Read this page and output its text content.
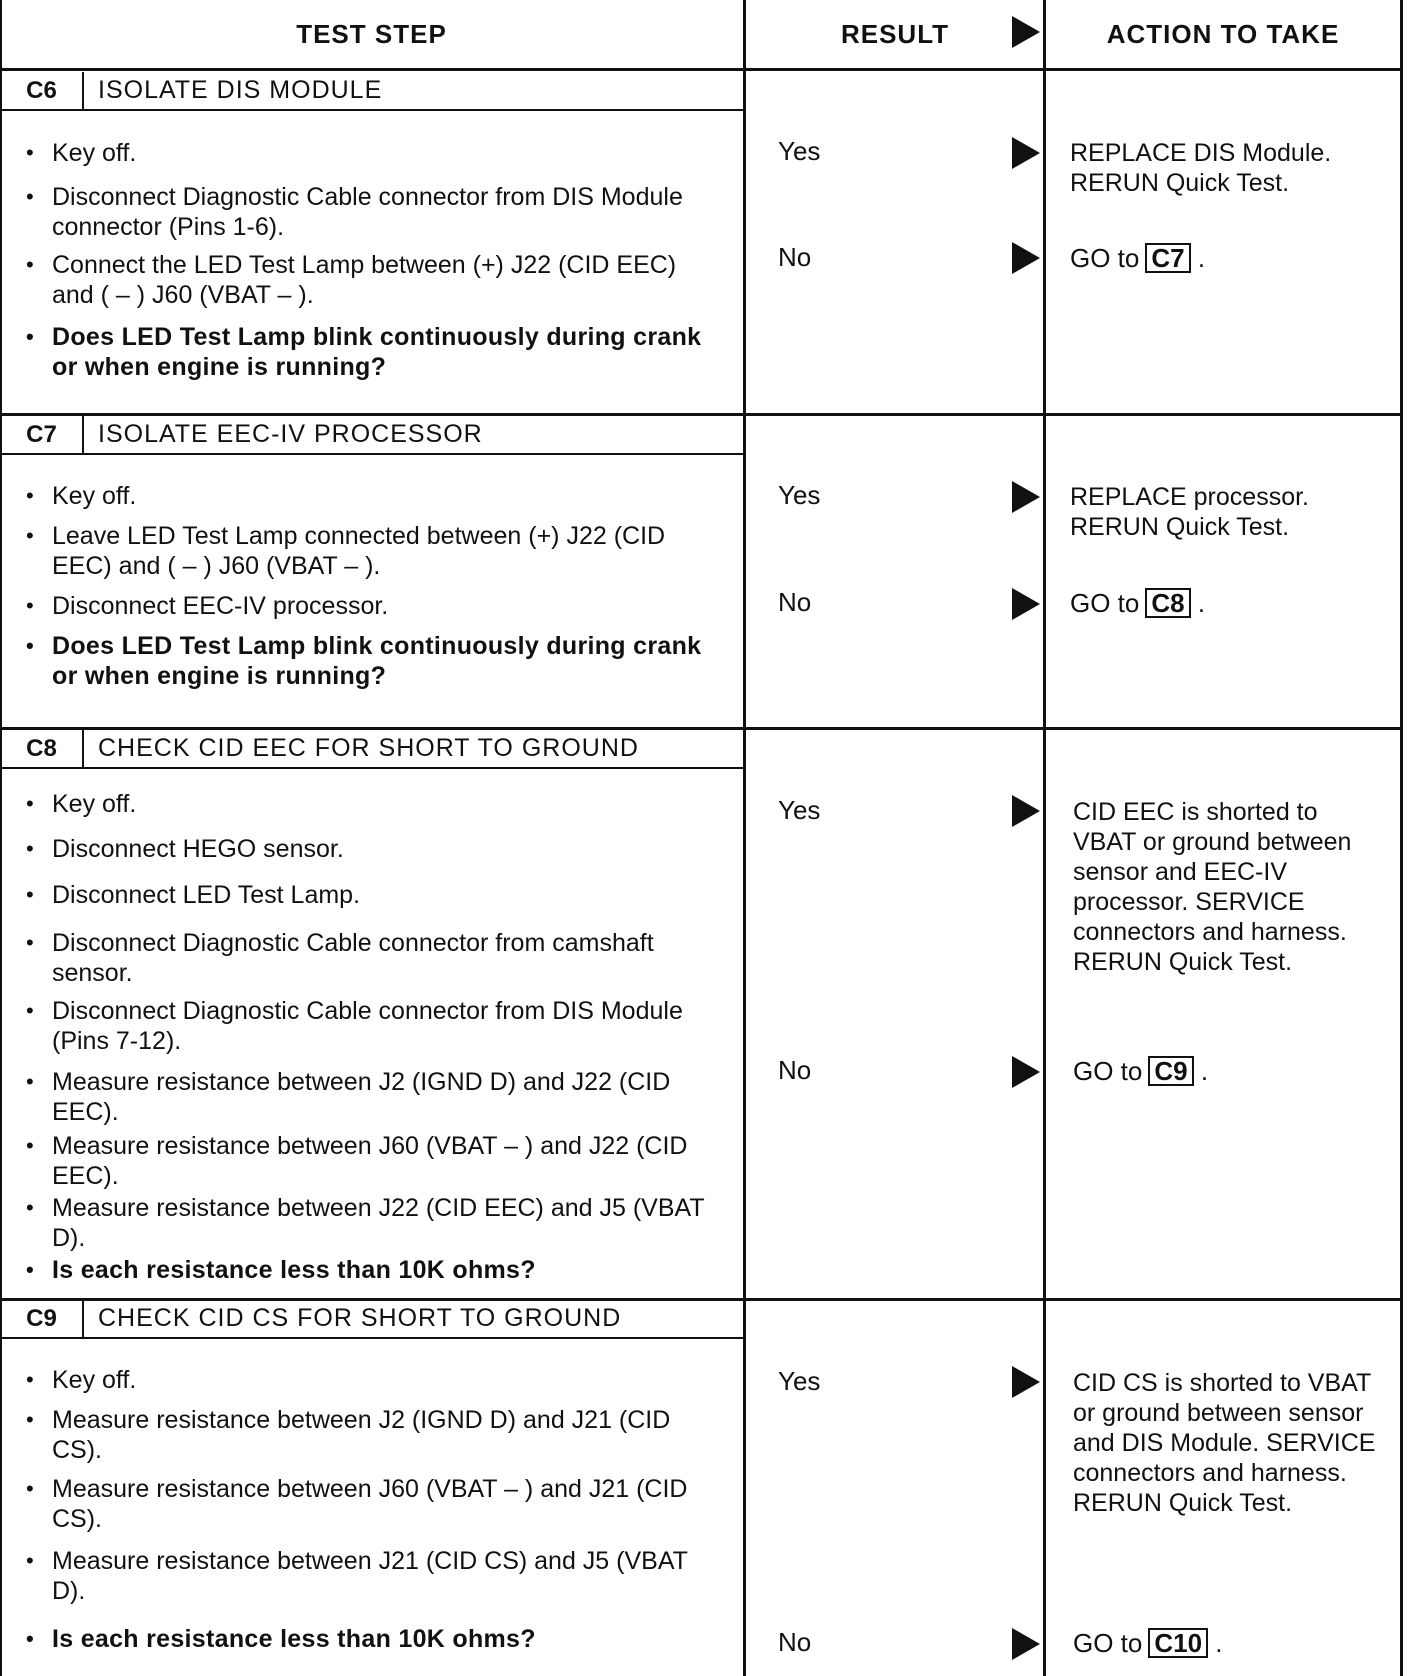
TEST STEP	RESULT	ACTION TO TAKE
C6	ISOLATE DIS MODULE
• Key off.
• Disconnect Diagnostic Cable connector from DIS Module connector (Pins 1-6).
• Connect the LED Test Lamp between (+) J22 (CID EEC) and ( – ) J60 (VBAT – ).
• Does LED Test Lamp blink continuously during crank or when engine is running?
Yes	REPLACE DIS Module. RERUN Quick Test.
No	GO to C7 .
C7	ISOLATE EEC-IV PROCESSOR
• Key off.
• Leave LED Test Lamp connected between (+) J22 (CID EEC) and ( – ) J60 (VBAT – ).
• Disconnect EEC-IV processor.
• Does LED Test Lamp blink continuously during crank or when engine is running?
Yes	REPLACE processor. RERUN Quick Test.
No	GO to C8 .
C8	CHECK CID EEC FOR SHORT TO GROUND
• Key off.
• Disconnect HEGO sensor.
• Disconnect LED Test Lamp.
• Disconnect Diagnostic Cable connector from camshaft sensor.
• Disconnect Diagnostic Cable connector from DIS Module (Pins 7-12).
• Measure resistance between J2 (IGND D) and J22 (CID EEC).
• Measure resistance between J60 (VBAT – ) and J22 (CID EEC).
• Measure resistance between J22 (CID EEC) and J5 (VBAT D).
• Is each resistance less than 10K ohms?
Yes	CID EEC is shorted to VBAT or ground between sensor and EEC-IV processor. SERVICE connectors and harness. RERUN Quick Test.
No	GO to C9 .
C9	CHECK CID CS FOR SHORT TO GROUND
• Key off.
• Measure resistance between J2 (IGND D) and J21 (CID CS).
• Measure resistance between J60 (VBAT – ) and J21 (CID CS).
• Measure resistance between J21 (CID CS) and J5 (VBAT D).
• Is each resistance less than 10K ohms?
Yes	CID CS is shorted to VBAT or ground between sensor and DIS Module. SERVICE connectors and harness. RERUN Quick Test.
No	GO to C10 .
